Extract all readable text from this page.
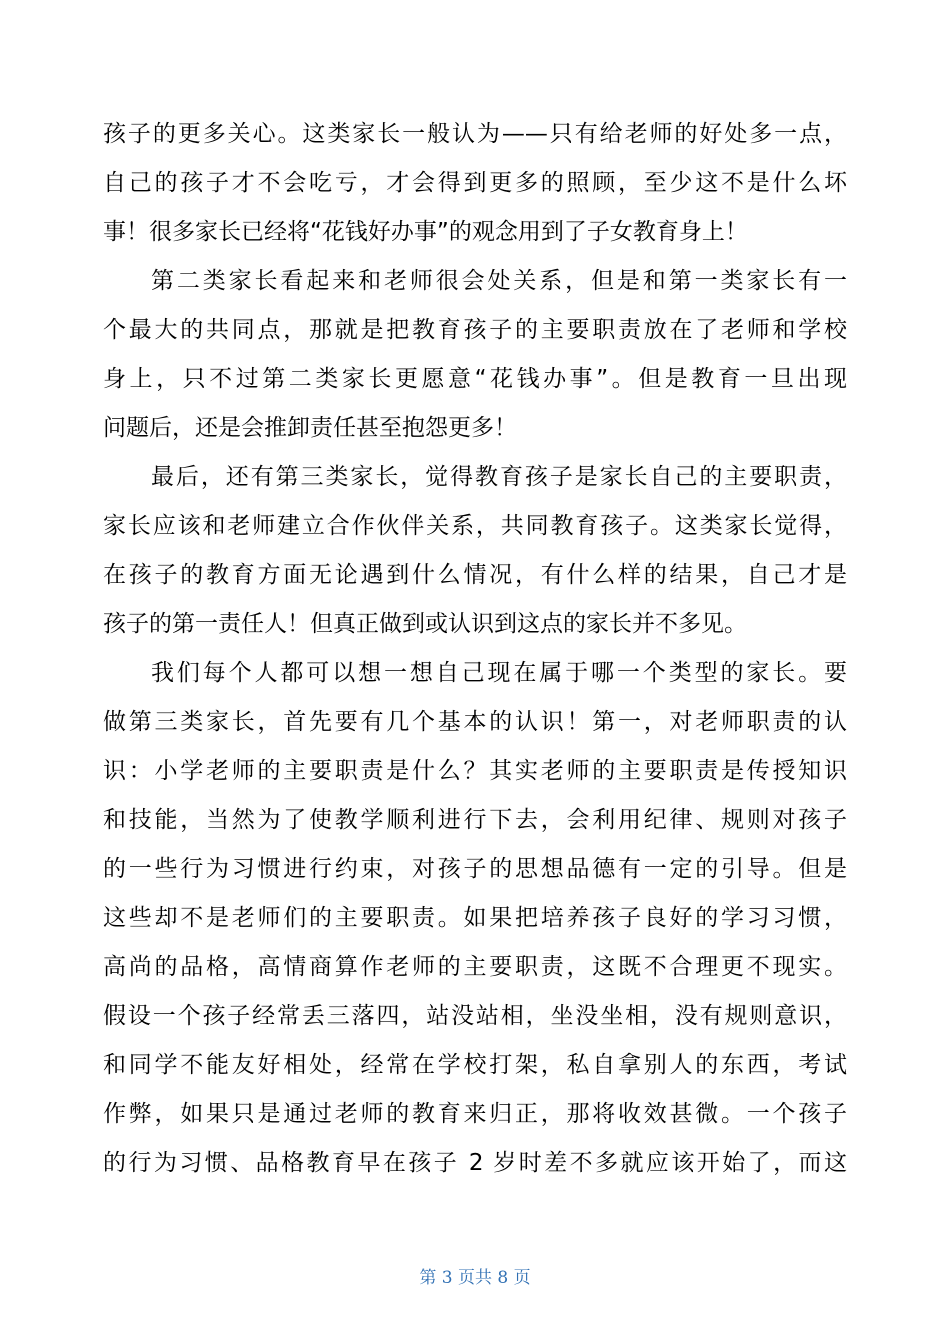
孩子的更多关心。这类家长一般认为——只有给老师的好处多一点，
自己的孩子才不会吃亏，才会得到更多的照顾，至少这不是什么坏
事！很多家长已经将“花钱好办事”的观念用到了子女教育身上！
第二类家长看起来和老师很会处关系，但是和第一类家长有一
个最大的共同点，那就是把教育孩子的主要职责放在了老师和学校
身上，只不过第二类家长更愿意“花钱办事”。但是教育一旦出现
问题后，还是会推卸责任甚至抱怨更多！
最后，还有第三类家长，觉得教育孩子是家长自己的主要职责，
家长应该和老师建立合作伙伴关系，共同教育孩子。这类家长觉得，
在孩子的教育方面无论遇到什么情况，有什么样的结果，自己才是
孩子的第一责任人！但真正做到或认识到这点的家长并不多见。
我们每个人都可以想一想自己现在属于哪一个类型的家长。要
做第三类家长，首先要有几个基本的认识！第一，对老师职责的认
识：小学老师的主要职责是什么？其实老师的主要职责是传授知识
和技能，当然为了使教学顺利进行下去，会利用纪律、规则对孩子
的一些行为习惯进行约束，对孩子的思想品德有一定的引导。但是
这些却不是老师们的主要职责。如果把培养孩子良好的学习习惯，
高尚的品格，高情商算作老师的主要职责，这既不合理更不现实。
假设一个孩子经常丢三落四，站没站相，坐没坐相，没有规则意识，
和同学不能友好相处，经常在学校打架，私自拿别人的东西，考试
作弊，如果只是通过老师的教育来归正，那将收效甚微。一个孩子
的行为习惯、品格教育早在孩子 2 岁时差不多就应该开始了，而这
第 3 页共 8 页
